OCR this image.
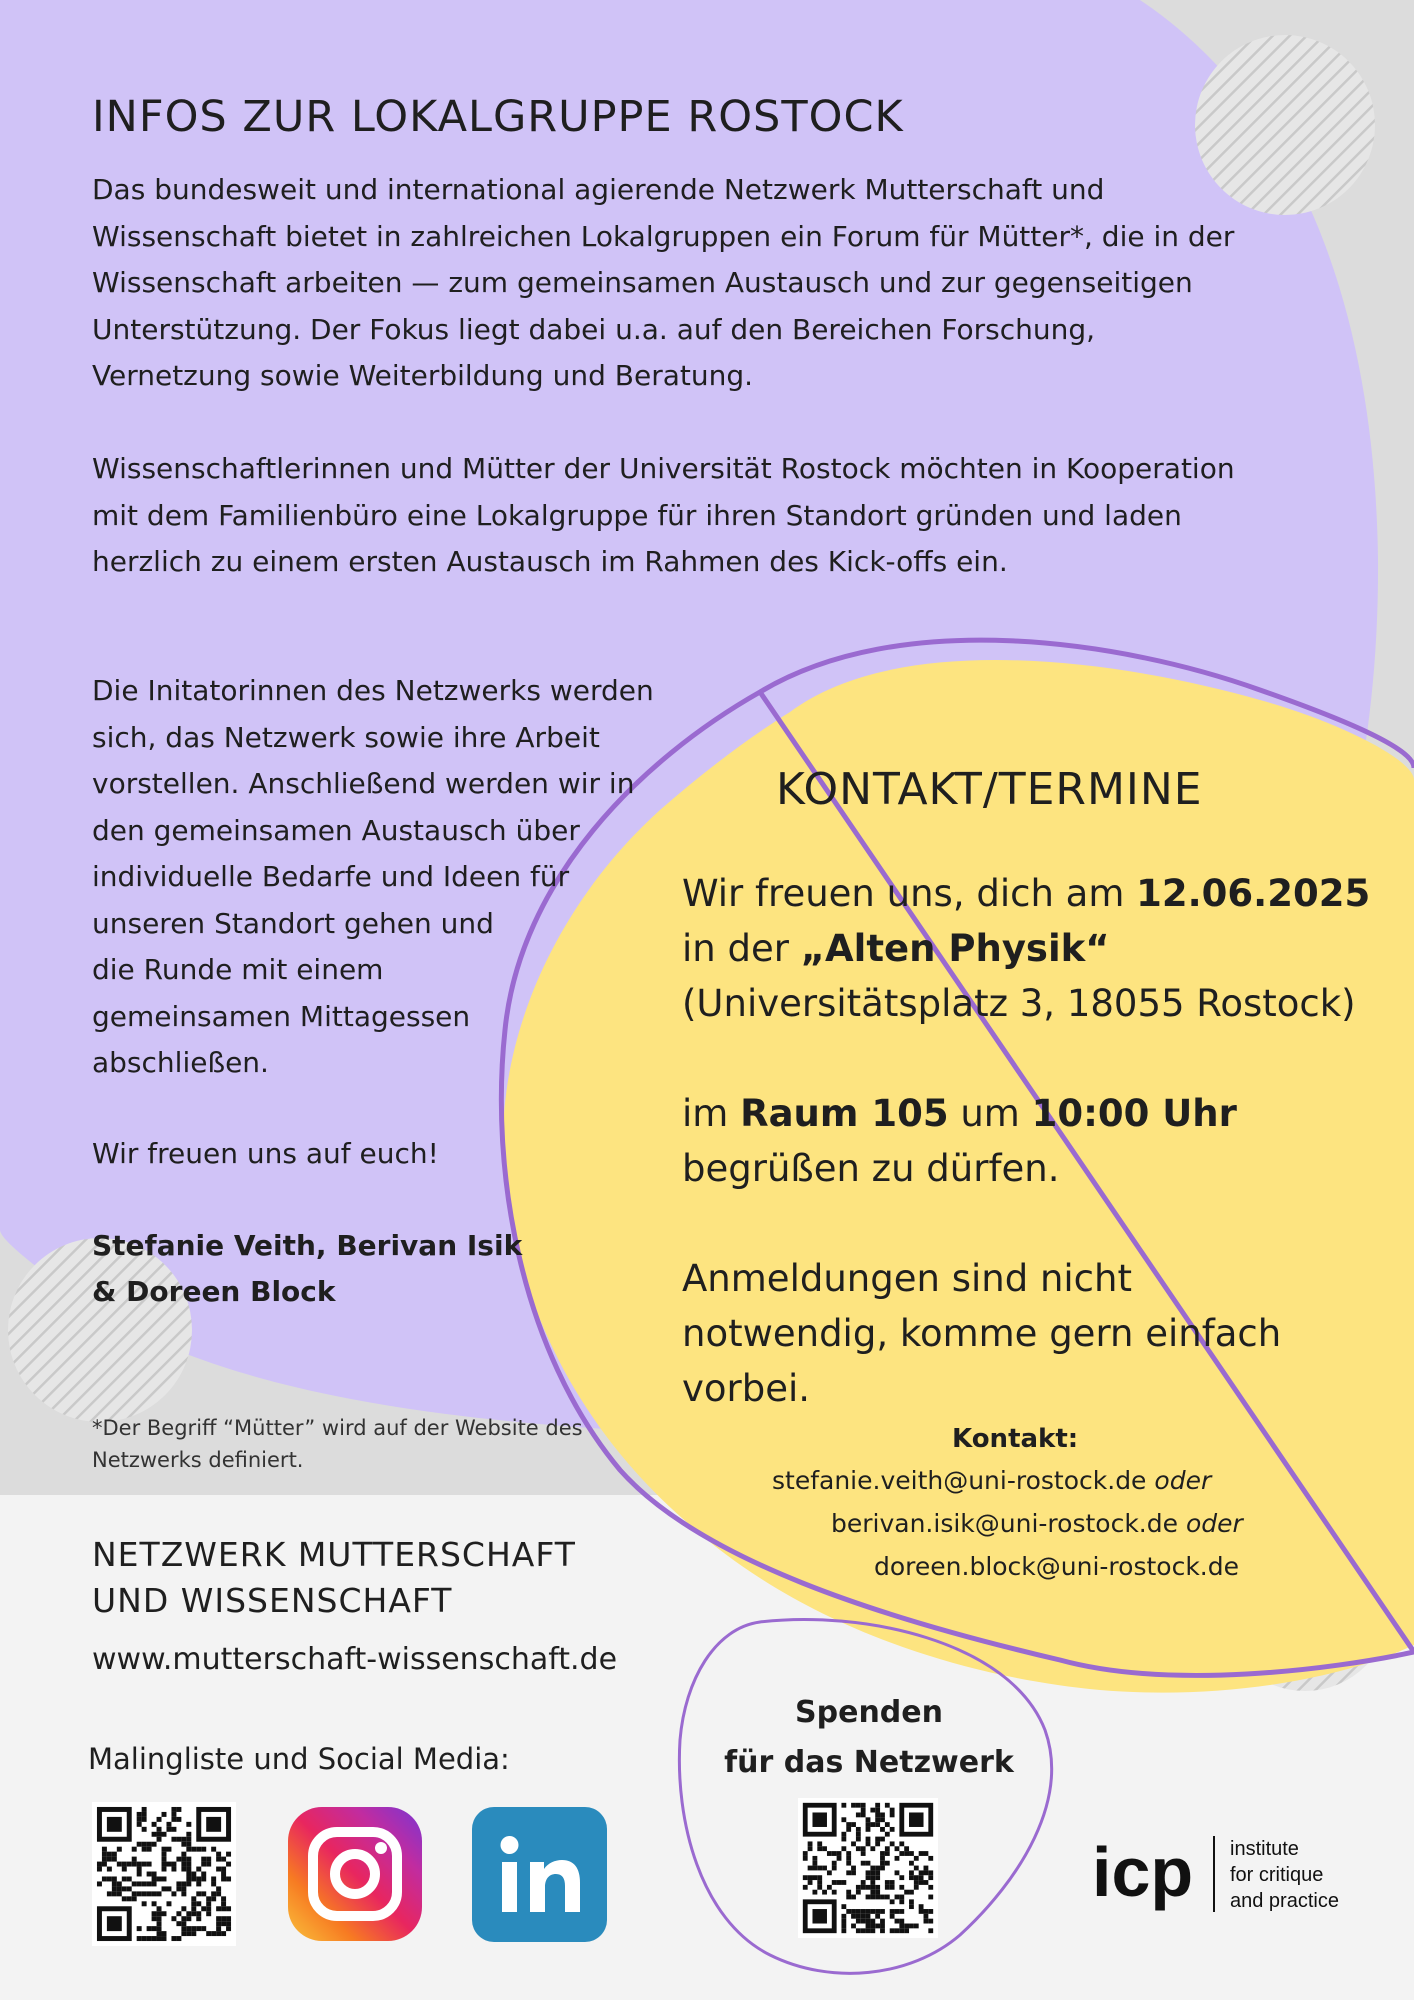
INFOS ZUR LOKALGRUPPE ROSTOCK

Das bundesweit und international agierende Netzwerk Mutterschaft und Wissenschaft bietet in zahlreichen Lokalgruppen ein Forum für Mütter*, die in der Wissenschaft arbeiten — zum gemeinsamen Austausch und zur gegenseitigen Unterstützung. Der Fokus liegt dabei u.a. auf den Bereichen Forschung, Vernetzung sowie Weiterbildung und Beratung.

Wissenschaftlerinnen und Mütter der Universität Rostock möchten in Kooperation mit dem Familienbüro eine Lokalgruppe für ihren Standort gründen und laden herzlich zu einem ersten Austausch im Rahmen des Kick-offs ein.

Die Initatorinnen des Netzwerks werden
sich, das Netzwerk sowie ihre Arbeit
vorstellen. Anschließend werden wir in
den gemeinsamen Austausch über
individuelle Bedarfe und Ideen für
unseren Standort gehen und
die Runde mit einem
gemeinsamen Mittagessen
abschließen.

Wir freuen uns auf euch!

Stefanie Veith, Berivan Isik
& Doreen Block
*Der Begriff “Mütter” wird auf der Website des
Netzwerks definiert.
KONTAKT/TERMINE
Wir freuen uns, dich am 12.06.2025
in der „Alten Physik“
(Universitätsplatz 3, 18055 Rostock)

im Raum 105 um 10:00 Uhr
begrüßen zu dürfen.

Anmeldungen sind nicht
notwendig, komme gern einfach
vorbei.
Kontakt:
stefanie.veith@uni-rostock.de oder
berivan.isik@uni-rostock.de oder
doreen.block@uni-rostock.de
NETZWERK MUTTERSCHAFT
UND WISSENSCHAFT
www.mutterschaft-wissenschaft.de
Malingliste und Social Media:
Spenden
für das Netzwerk
icp institute
for critique
and practice
